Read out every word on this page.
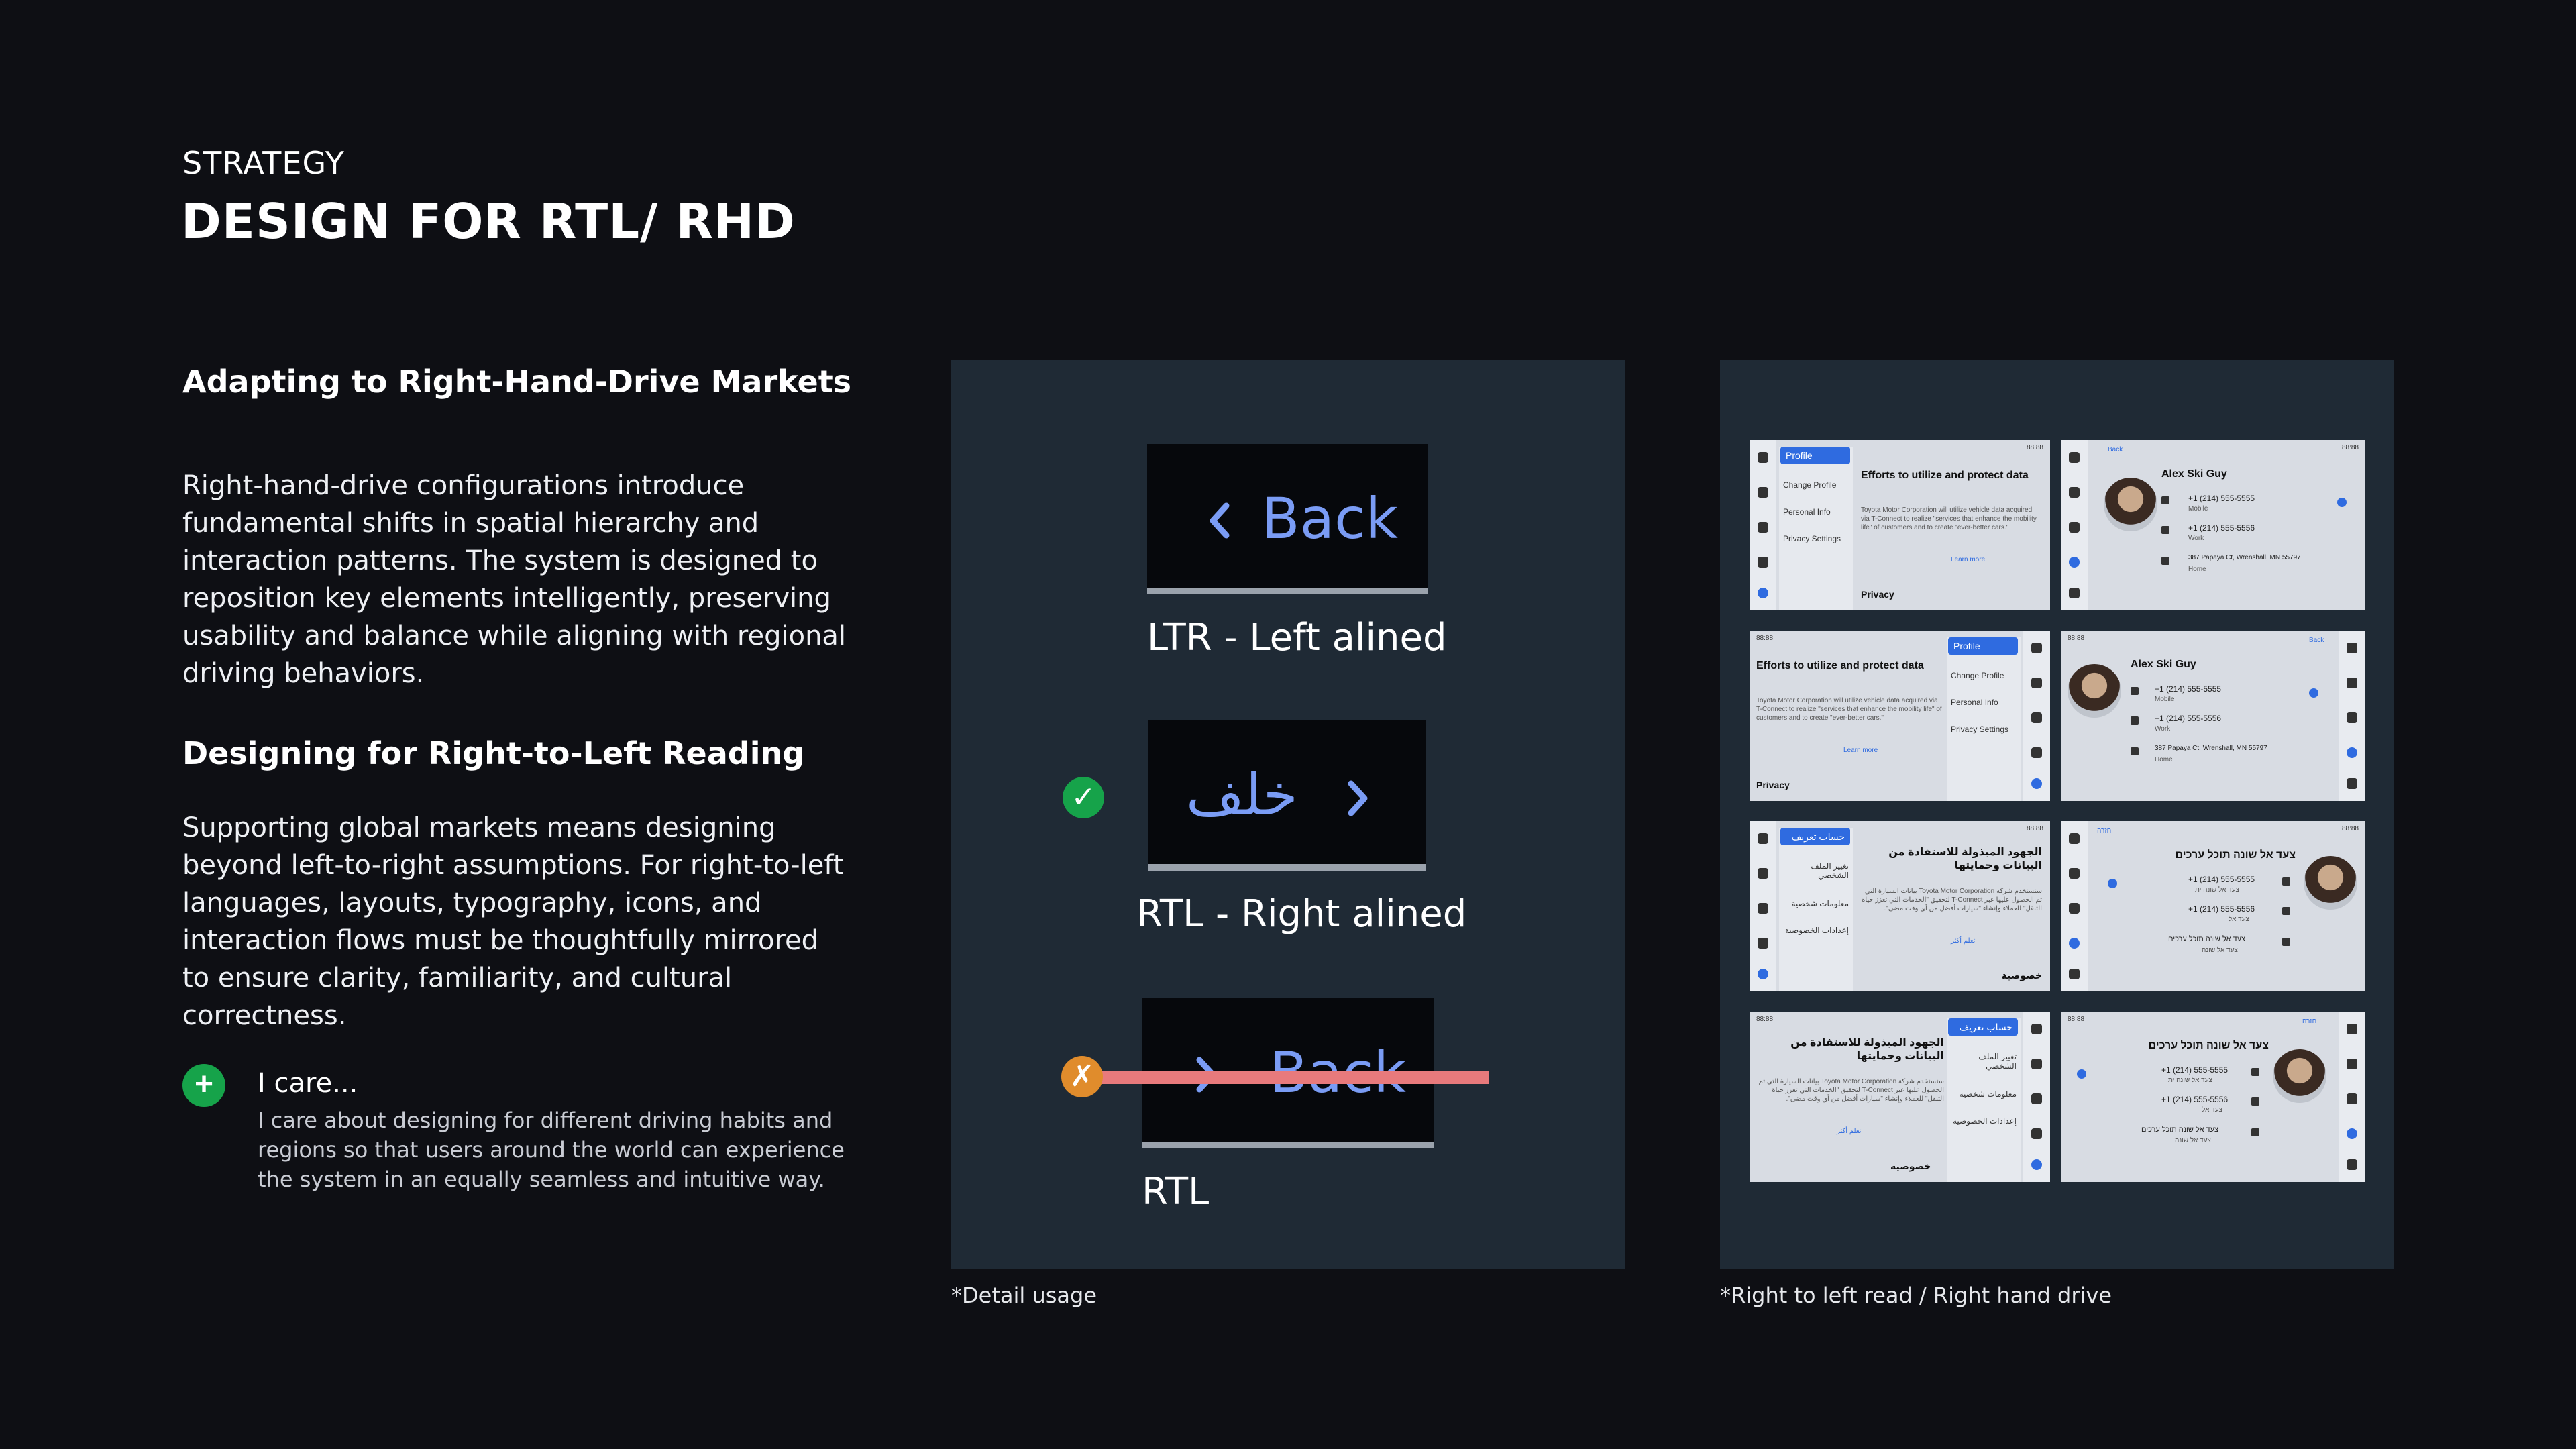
STRATEGY
DESIGN FOR RTL/ RHD
Adapting to Right-Hand-Drive Markets
Right-hand-drive configurations introduce fundamental shifts in spatial hierarchy and interaction patterns. The system is designed to reposition key elements intelligently, preserving usability and balance while aligning with regional driving behaviors.
Designing for Right-to-Left Reading
Supporting global markets means designing beyond left-to-right assumptions. For right-to-left languages, layouts, typography, icons, and interaction flows must be thoughtfully mirrored to ensure clarity, familiarity, and cultural correctness.
+	I care...
I care about designing for different driving habits and regions so that users around the world can experience the system in an equally seamless and intuitive way.
Back
LTR - Left alined
✓ خلف
RTL - Right alined
✗
RTL
*Detail usage
Profile
Change Profile
Personal Info
Privacy Settings
88:88
Efforts to utilize and protect data
Toyota Motor Corporation will utilize vehicle data acquired via T-Connect to realize "services that enhance the mobility life" of customers and to create "ever-better cars."
Learn more
Privacy
Back	88:88
Alex Ski Guy
+1 (214) 555-5555
Mobile
+1 (214) 555-5556
Work
387 Papaya Ct, Wrenshall, MN 55797
Home
88:88
Efforts to utilize and protect data
Toyota Motor Corporation will utilize vehicle data acquired via T-Connect to realize "services that enhance the mobility life" of customers and to create "ever-better cars."
Learn more
Privacy
Profile
Change Profile
Personal Info
Privacy Settings
88:88	Back
Alex Ski Guy
+1 (214) 555-5555
Mobile
+1 (214) 555-5556
Work
387 Papaya Ct, Wrenshall, MN 55797
Home
حساب تعريف
تغيير الملف الشخصي
معلومات شخصية
إعدادات الخصوصية
88:88
الجهود المبذولة للاستفادة من البيانات وحمايتها
ستستخدم شركة Toyota Motor Corporation بيانات السيارة التي تم الحصول عليها عبر T-Connect لتحقيق "الخدمات التي تعزز حياة التنقل" للعملاء وإنشاء "سيارات أفضل من أي وقت مضى".
تعلم أكثر
خصوصية
חזרה	88:88
צעד אל שונה תוכל ערכים
+1 (214) 555-5555
צעד אל שונה ית
+1 (214) 555-5556
צעד אל
צעד אל שונה תוכל ערכים
צעד אל שונה
88:88
الجهود المبذولة للاستفادة من البيانات وحمايتها
ستستخدم شركة Toyota Motor Corporation بيانات السيارة التي تم الحصول عليها عبر T-Connect لتحقيق "الخدمات التي تعزز حياة التنقل" للعملاء وإنشاء "سيارات أفضل من أي وقت مضى".
تعلم أكثر
خصوصية
حساب تعريف
تغيير الملف الشخصي
معلومات شخصية
إعدادات الخصوصية
88:88	חזרה
צעד אל שונה תוכל ערכים
+1 (214) 555-5555
צעד אל שונה ית
+1 (214) 555-5556
צעד אל
צעד אל שונה תוכל ערכים
צעד אל שונה
*Right to left read / Right hand drive
